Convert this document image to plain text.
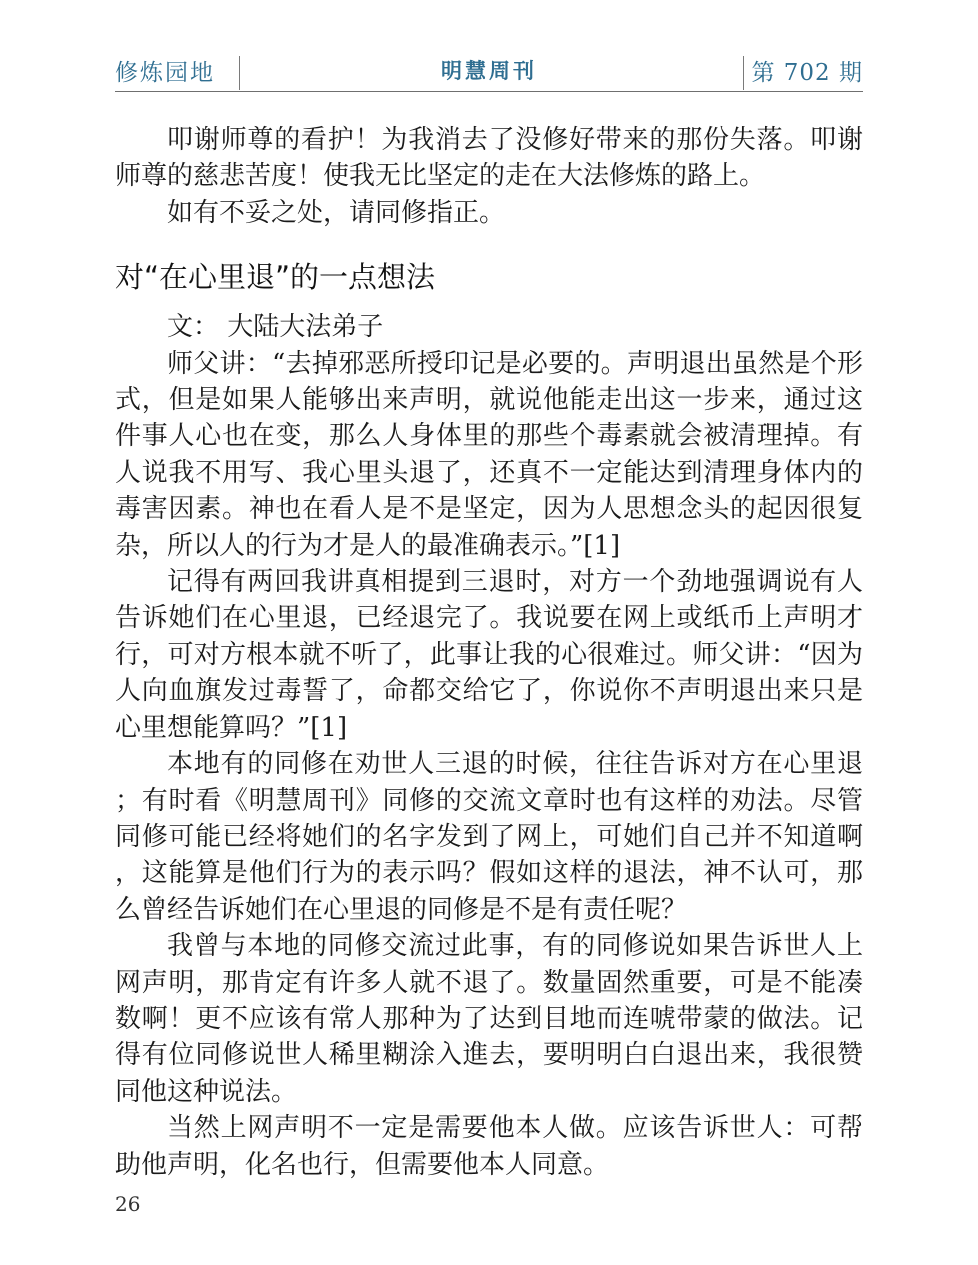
修炼园地	明慧周刊	第 702 期

叩谢师尊的看护！为我消去了没修好带来的那份失落。叩谢师尊的慈悲苦度！使我无比坚定的走在大法修炼的路上。

如有不妥之处，请同修指正。

对“在心里退”的一点想法

文： 大陆大法弟子

师父讲：“去掉邪恶所授印记是必要的。声明退出虽然是个形式，但是如果人能够出来声明，就说他能走出这一步来，通过这件事人心也在变，那么人身体里的那些个毒素就会被清理掉。有人说我不用写、我心里头退了，还真不一定能达到清理身体内的毒害因素。神也在看人是不是坚定，因为人思想念头的起因很复杂，所以人的行为才是人的最准确表示。”[1]

记得有两回我讲真相提到三退时，对方一个劲地强调说有人告诉她们在心里退，已经退完了。我说要在网上或纸币上声明才行，可对方根本就不听了，此事让我的心很难过。师父讲：“因为人向血旗发过毒誓了，命都交给它了，你说你不声明退出来只是心里想能算吗？”[1]

本地有的同修在劝世人三退的时候，往往告诉对方在心里退；有时看《明慧周刊》同修的交流文章时也有这样的劝法。尽管同修可能已经将她们的名字发到了网上，可她们自己并不知道啊，这能算是他们行为的表示吗？假如这样的退法，神不认可，那么曾经告诉她们在心里退的同修是不是有责任呢？

我曾与本地的同修交流过此事，有的同修说如果告诉世人上网声明，那肯定有许多人就不退了。数量固然重要，可是不能凑数啊！更不应该有常人那种为了达到目地而连唬带蒙的做法。记得有位同修说世人稀里糊涂入進去，要明明白白退出来，我很赞同他这种说法。

当然上网声明不一定是需要他本人做。应该告诉世人：可帮助他声明，化名也行，但需要他本人同意。

26
